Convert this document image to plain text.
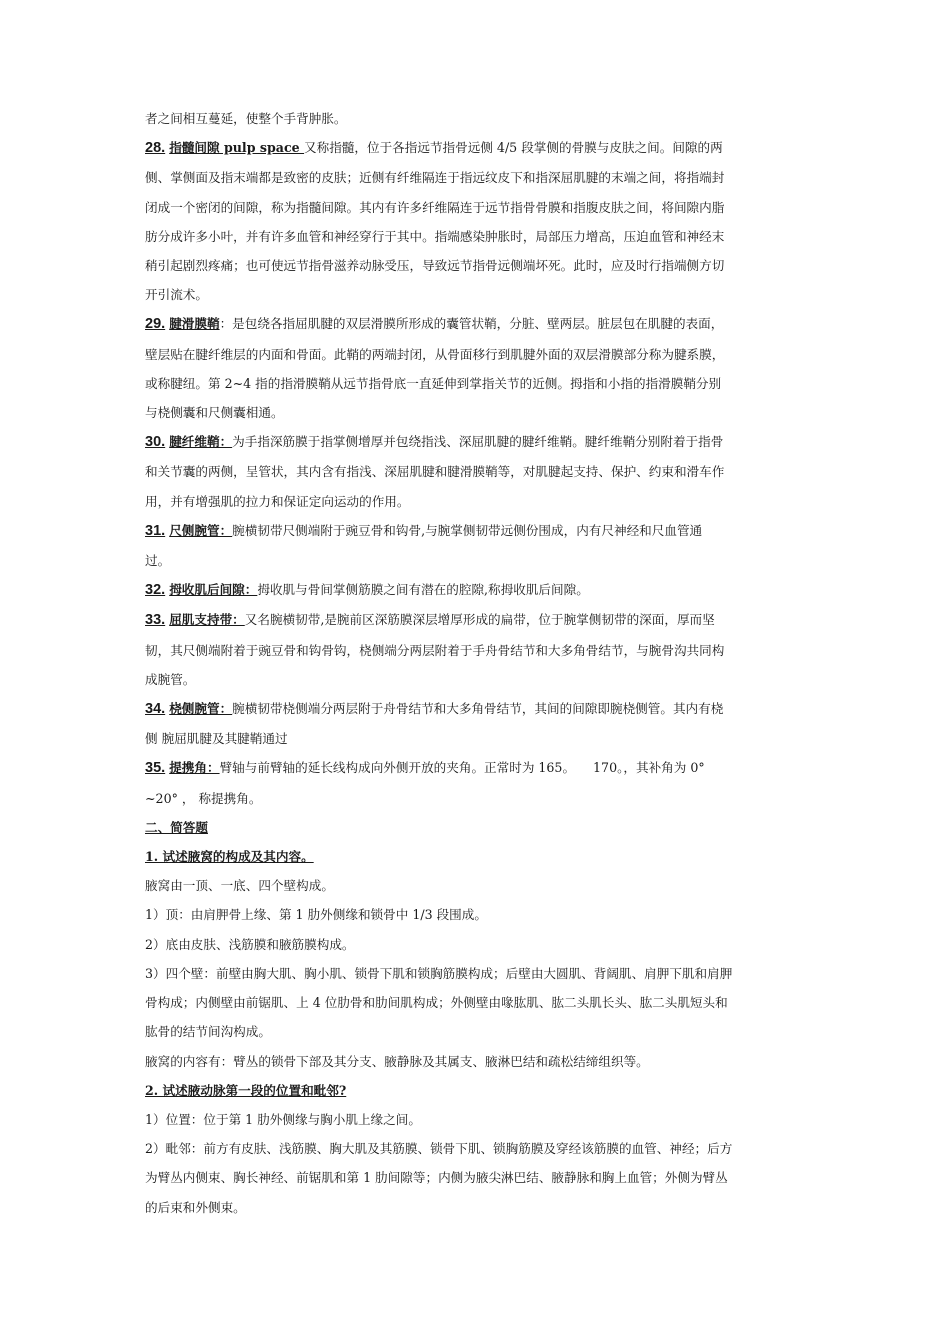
者之间相互蔓延，使整个手背肿胀。
28. 指髓间隙 pulp space 又称指髓，位于各指远节指骨远侧 4/5 段掌侧的骨膜与皮肤之间。间隙的两
侧、掌侧面及指末端都是致密的皮肤；近侧有纤维隔连于指远纹皮下和指深屈肌腱的末端之间，将指端封
闭成一个密闭的间隙，称为指髓间隙。其内有许多纤维隔连于远节指骨骨膜和指腹皮肤之间，将间隙内脂
肪分成许多小叶，并有许多血管和神经穿行于其中。指端感染肿胀时，局部压力增高，压迫血管和神经末
稍引起剧烈疼痛；也可使远节指骨滋养动脉受压，导致远节指骨远侧端坏死。此时，应及时行指端侧方切
开引流术。
29. 腱滑膜鞘：是包绕各指屈肌腱的双层滑膜所形成的囊管状鞘，分脏、壁两层。脏层包在肌腱的表面，
壁层贴在腱纤维层的内面和骨面。此鞘的两端封闭，从骨面移行到肌腱外面的双层滑膜部分称为腱系膜，
或称腱纽。第 2~4 指的指滑膜鞘从远节指骨底一直延伸到掌指关节的近侧。拇指和小指的指滑膜鞘分别
与桡侧囊和尺侧囊相通。
30. 腱纤维鞘：为手指深筋膜于指掌侧增厚并包绕指浅、深屈肌腱的腱纤维鞘。腱纤维鞘分别附着于指骨
和关节囊的两侧，呈管状，其内含有指浅、深屈肌腱和腱滑膜鞘等，对肌腱起支持、保护、约束和滑车作
用，并有增强肌的拉力和保证定向运动的作用。
31. 尺侧腕管：腕横韧带尺侧端附于豌豆骨和钩骨,与腕掌侧韧带远侧份围成，内有尺神经和尺血管通
过。
32. 拇收肌后间隙：拇收肌与骨间掌侧筋膜之间有潜在的腔隙,称拇收肌后间隙。
33. 屈肌支持带：又名腕横韧带,是腕前区深筋膜深层增厚形成的扁带，位于腕掌侧韧带的深面，厚而坚
韧，其尺侧端附着于豌豆骨和钩骨钩，桡侧端分两层附着于手舟骨结节和大多角骨结节，与腕骨沟共同构
成腕管。
34. 桡侧腕管：腕横韧带桡侧端分两层附于舟骨结节和大多角骨结节，其间的间隙即腕桡侧管。其内有桡
侧 腕屈肌腱及其腱鞘通过
35. 提携角：臂轴与前臂轴的延长线构成向外侧开放的夹角。正常时为 165。 170。，其补角为 0°
~20° ， 称提携角。
二、简答题
1. 试述腋窝的构成及其内容。
腋窝由一顶、一底、四个壁构成。
1）顶：由肩胛骨上缘、第 1 肋外侧缘和锁骨中 1/3 段围成。
2）底由皮肤、浅筋膜和腋筋膜构成。
3）四个壁：前壁由胸大肌、胸小肌、锁骨下肌和锁胸筋膜构成；后壁由大圆肌、背阔肌、肩胛下肌和肩胛
骨构成；内侧壁由前锯肌、上 4 位肋骨和肋间肌构成；外侧壁由喙肱肌、肱二头肌长头、肱二头肌短头和
肱骨的结节间沟构成。
腋窝的内容有：臂丛的锁骨下部及其分支、腋静脉及其属支、腋淋巴结和疏松结缔组织等。
2. 试述腋动脉第一段的位置和毗邻?
1）位置：位于第 1 肋外侧缘与胸小肌上缘之间。
2）毗邻：前方有皮肤、浅筋膜、胸大肌及其筋膜、锁骨下肌、锁胸筋膜及穿经该筋膜的血管、神经；后方
为臂丛内侧束、胸长神经、前锯肌和第 1 肋间隙等；内侧为腋尖淋巴结、腋静脉和胸上血管；外侧为臂丛
的后束和外侧束。
